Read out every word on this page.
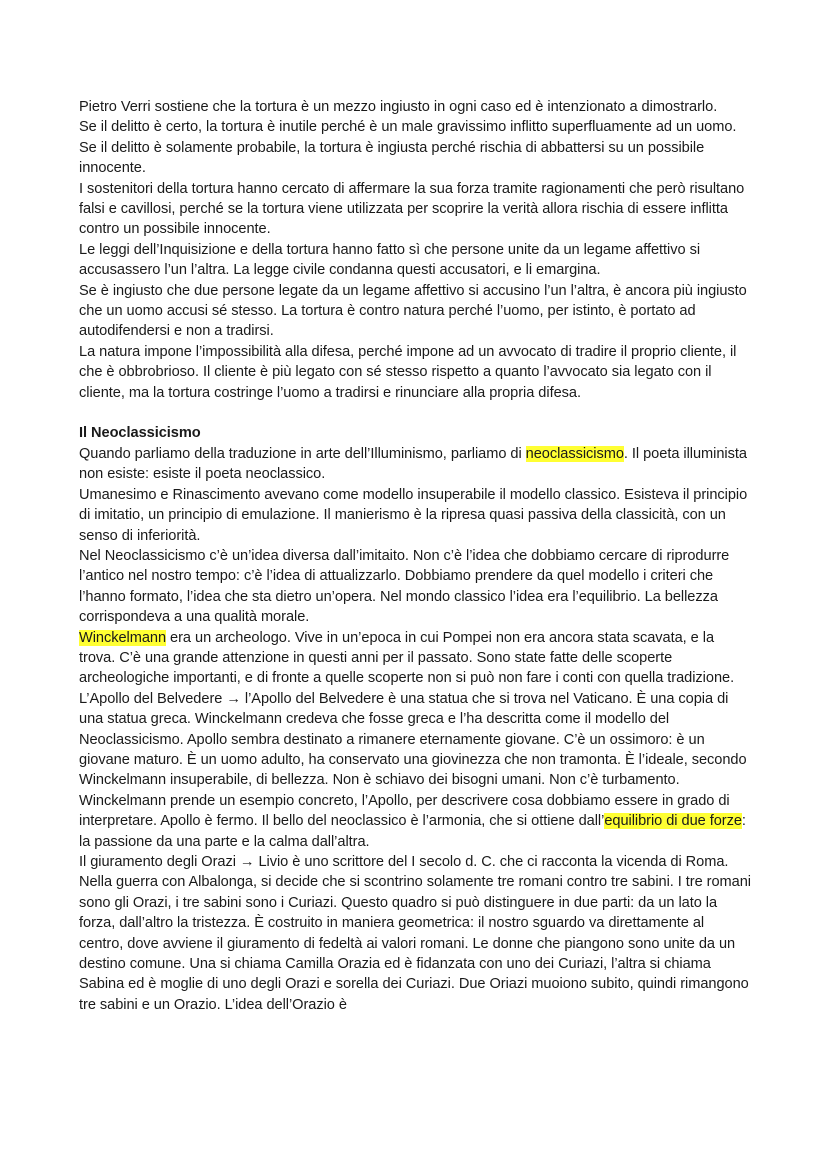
Pietro Verri sostiene che la tortura è un mezzo ingiusto in ogni caso ed è intenzionato a dimostrarlo.

Se il delitto è certo, la tortura è inutile perché è un male gravissimo inflitto superfluamente ad un uomo.

Se il delitto è solamente probabile, la tortura è ingiusta perché rischia di abbattersi su un possibile innocente.

I sostenitori della tortura hanno cercato di affermare la sua forza tramite ragionamenti che però risultano falsi e cavillosi, perché se la tortura viene utilizzata per scoprire la verità allora rischia di essere inflitta contro un possibile innocente.

Le leggi dell’Inquisizione e della tortura hanno fatto sì che persone unite da un legame affettivo si accusassero l’un l’altra. La legge civile condanna questi accusatori, e li emargina.

Se è ingiusto che due persone legate da un legame affettivo si accusino l’un l’altra, è ancora più ingiusto che un uomo accusi sé stesso. La tortura è contro natura perché l’uomo, per istinto, è portato ad autodifendersi e non a tradirsi.

La natura impone l’impossibilità alla difesa, perché impone ad un avvocato di tradire il proprio cliente, il che è obbrobrioso. Il cliente è più legato con sé stesso rispetto a quanto l’avvocato sia legato con il cliente, ma la tortura costringe l’uomo a tradirsi e rinunciare alla propria difesa.

Il Neoclassicismo

Quando parliamo della traduzione in arte dell’Illuminismo, parliamo di neoclassicismo. Il poeta illuminista non esiste: esiste il poeta neoclassico.

Umanesimo e Rinascimento avevano come modello insuperabile il modello classico. Esisteva il principio di imitatio, un principio di emulazione. Il manierismo è la ripresa quasi passiva della classicità, con un senso di inferiorità.

Nel Neoclassicismo c’è un’idea diversa dall’imitaito. Non c’è l’idea che dobbiamo cercare di riprodurre l’antico nel nostro tempo: c’è l’idea di attualizzarlo. Dobbiamo prendere da quel modello i criteri che l’hanno formato, l’idea che sta dietro un’opera. Nel mondo classico l’idea era l’equilibrio. La bellezza corrispondeva a una qualità morale.

Winckelmann era un archeologo. Vive in un’epoca in cui Pompei non era ancora stata scavata, e la trova. C’è una grande attenzione in questi anni per il passato. Sono state fatte delle scoperte archeologiche importanti, e di fronte a quelle scoperte non si può non fare i conti con quella tradizione.

L’Apollo del Belvedere → l’Apollo del Belvedere è una statua che si trova nel Vaticano. È una copia di una statua greca. Winckelmann credeva che fosse greca e l’ha descritta come il modello del Neoclassicismo. Apollo sembra destinato a rimanere eternamente giovane. C’è un ossimoro: è un giovane maturo. È un uomo adulto, ha conservato una giovinezza che non tramonta. È l’ideale, secondo Winckelmann insuperabile, di bellezza. Non è schiavo dei bisogni umani. Non c’è turbamento. Winckelmann prende un esempio concreto, l’Apollo, per descrivere cosa dobbiamo essere in grado di interpretare. Apollo è fermo. Il bello del neoclassico è l’armonia, che si ottiene dall’equilibrio di due forze: la passione da una parte e la calma dall’altra.

Il giuramento degli Orazi → Livio è uno scrittore del I secolo d. C. che ci racconta la vicenda di Roma. Nella guerra con Albalonga, si decide che si scontrino solamente tre romani contro tre sabini. I tre romani sono gli Orazi, i tre sabini sono i Curiazi. Questo quadro si può distinguere in due parti: da un lato la forza, dall’altro la tristezza. È costruito in maniera geometrica: il nostro sguardo va direttamente al centro, dove avviene il giuramento di fedeltà ai valori romani. Le donne che piangono sono unite da un destino comune. Una si chiama Camilla Orazia ed è fidanzata con uno dei Curiazi, l’altra si chiama Sabina ed è moglie di uno degli Orazi e sorella dei Curiazi. Due Oriazi muoiono subito, quindi rimangono tre sabini e un Orazio. L’idea dell’Orazio è
